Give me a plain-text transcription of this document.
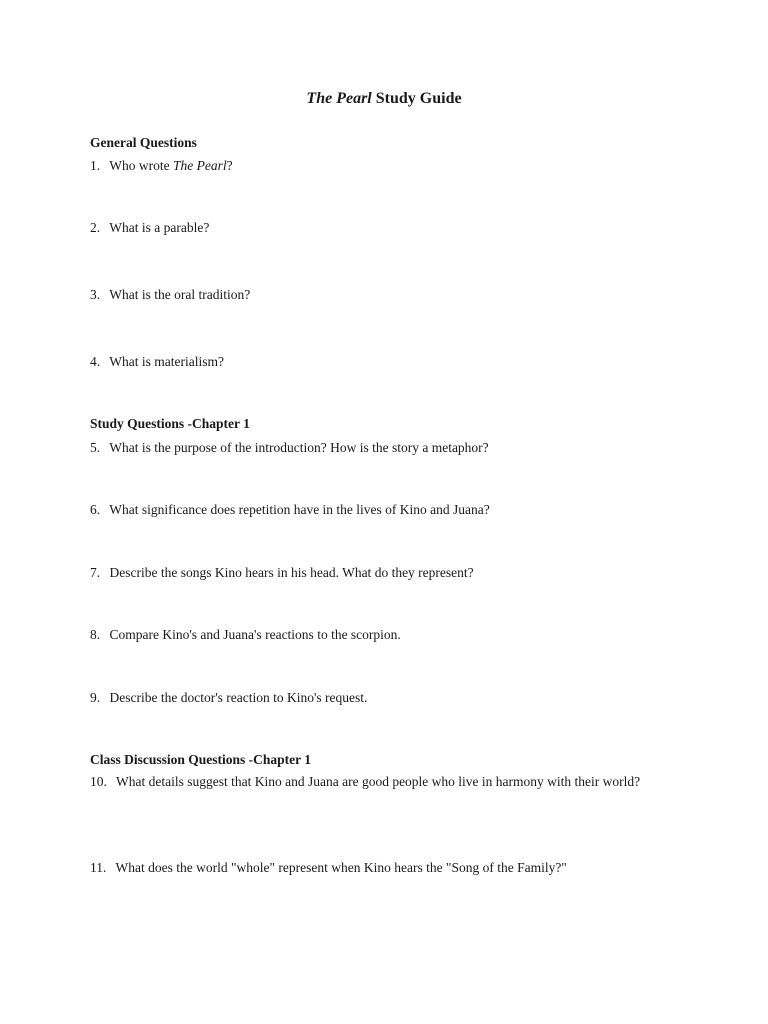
The Pearl Study Guide

General Questions

1. Who wrote The Pearl?

2. What is a parable?

3. What is the oral tradition?

4. What is materialism?

Study Questions -Chapter 1

5. What is the purpose of the introduction? How is the story a metaphor?

6. What significance does repetition have in the lives of Kino and Juana?

7. Describe the songs Kino hears in his head. What do they represent?

8. Compare Kino's and Juana's reactions to the scorpion.

9. Describe the doctor's reaction to Kino's request.

Class Discussion Questions -Chapter 1

10. What details suggest that Kino and Juana are good people who live in harmony with their world?

11. What does the world "whole" represent when Kino hears the "Song of the Family?"
